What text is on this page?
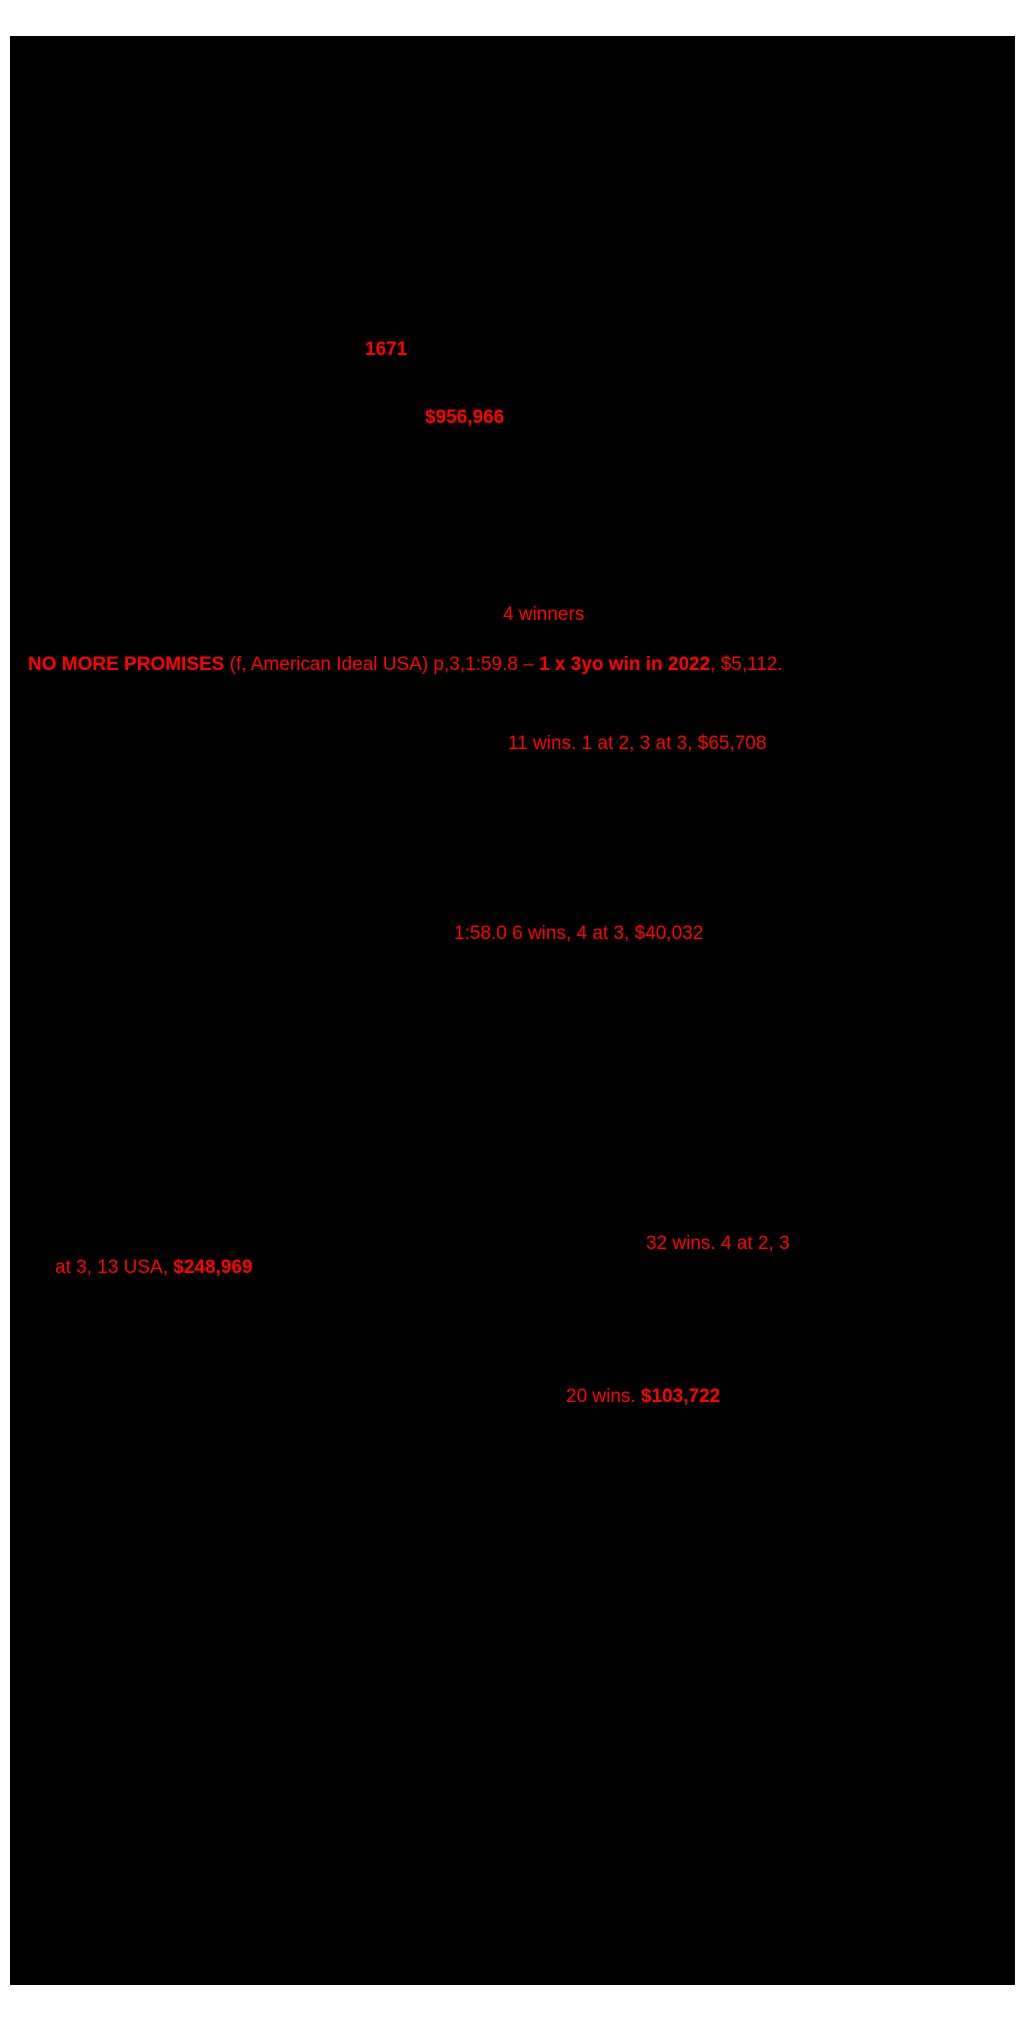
1671
$956,966
4 winners
NO MORE PROMISES (f, American Ideal USA) p,3,1:59.8 – 1 x 3yo win in 2022, $5,112.
11 wins. 1 at 2, 3 at 3, $65,708
1:58.0 6 wins, 4 at 3, $40,032
32 wins. 4 at 2, 3
at 3, 13 USA, $248,969
20 wins. $103,722
